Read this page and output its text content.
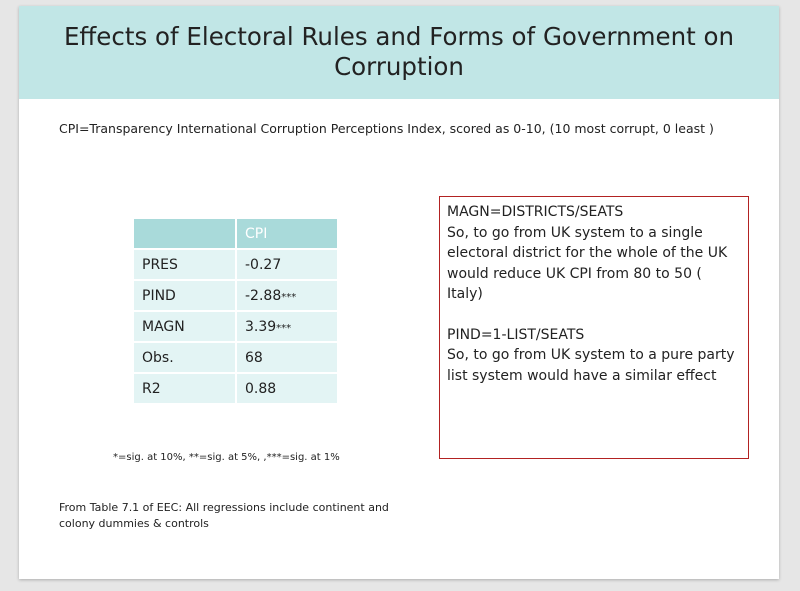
Effects of Electoral Rules and Forms of Government on
Corruption
CPI=Transparency International Corruption Perceptions Index, scored as 0-10, (10 most corrupt, 0 least )
	CPI
PRES	-0.27
PIND	-2.88***
MAGN	3.39***
Obs.	68
R2	0.88
*=sig. at 10%, **=sig. at 5%, ,***=sig. at 1%
From Table 7.1 of EEC: All regressions include continent and colony dummies & controls

MAGN=DISTRICTS/SEATS

So, to go from UK system to a single electoral district for the whole of the UK would reduce UK CPI from 80 to 50 ( Italy)

PIND=1-LIST/SEATS

So, to go from UK system to a pure party list system would have a similar effect
